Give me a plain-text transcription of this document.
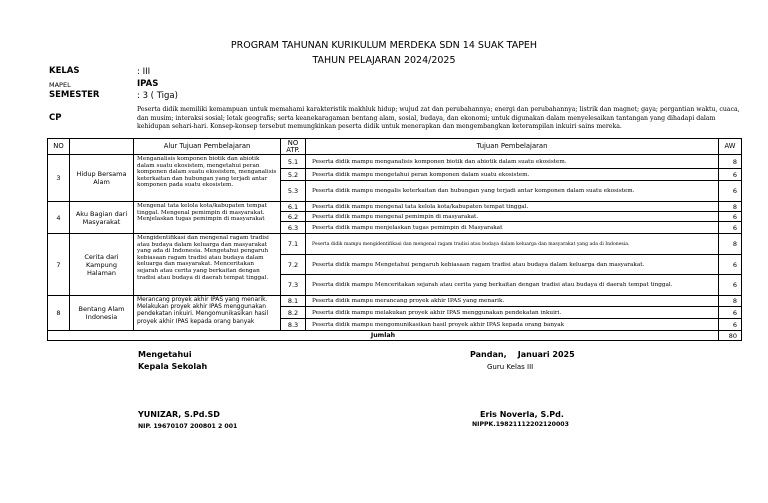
PROGRAM TAHUNAN KURIKULUM MERDEKA SDN 14 SUAK TAPEH
TAHUN PELAJARAN 2024/2025
KELAS	: III
MAPEL	IPAS
SEMESTER	: 3 ( Tiga)
CP
Peserta didik memiliki kemampuan untuk memahami karakteristik makhluk hidup; wujud zat dan perubahannya; energi dan perubahannya; listrik dan magnet; gaya; pergantian waktu, cuaca, dan musim; interaksi sosial; letak geografis; serta keanekaragaman bentang alam, sosial, budaya, dan ekonomi; untuk digunakan dalam menyelesaikan tantangan yang dihadapi dalam kehidupan sehari-hari. Konsep-konsep tersebut memungkinkan peserta didik untuk menerapkan dan mengembangkan keterampilan inkuiri sains mereka.
NO		Alur Tujuan Pembelajaran	NO ATP.	Tujuan Pembelajaran	AW
3	Hidup Bersama Alam	Menganalisis komponen biotik dan abiotik dalam suatu ekosistem, mengetahui peran komponen dalam suatu ekosistem, menganalisis keterkaitan dan hubungan yang terjadi antar komponen pada suatu ekosistem.	5.1	Peserta didik mampu menganalisis komponen biotik dan abiotik dalam suatu ekosistem.	8
			5.2	Peserta didik mampu mengetahui peran komponen dalam suatu ekosistem.	6
			5.3	Peserta didik mampu mengalis keterkaitan dan hubungan yang terjadi antar komponen dalam suatu ekosistem.	6
4	Aku Bagian dari Masyarakat	Mengenal tata kelola kota/kabupaten tempat tinggal. Mengenal pemimpin di masyarakat. Menjelaskan tugas pemimpin di masyarakat	6.1	Peserta didik mampu mengenal tata kelola kota/kabupaten tempat tinggal.	8
			6.2	Peserta didik mampu mengenal pemimpin di masyarakat.	6
			6.3	Peserta didik mampu menjelaskan tugas pemimpin di Masyarakat	6
7	Cerita dari Kampung Halaman	Mengidentifikasi dan mengenal ragam tradisi atau budaya dalam keluarga dan masyarakat yang ada di Indonesia. Mengetahui pengaruh kebiasaan ragam tradisi atau budaya dalam keluarga dan masyarakat. Menceritakan sejarah atau cerita yang berkaitan dengan tradisi atau budaya di daerah tempat tinggal.	7.1	Peserta didik mampu mengidentifikasi dan mengenal ragam tradisi atau budaya dalam keluarga dan masyarakat yang ada di Indonesia.	8
			7.2	Peserta didik mampu Mengetahui pengaruh kebiasaan ragam tradisi atau budaya dalam keluarga dan masyarakat.	6
			7.3	Peserta didik mampu Menceritakan sejarah atau cerita yang berkaitan dengan tradisi atau budaya di daerah tempat tinggal.	6
8	Bentang Alam Indonesia	Merancang proyek akhir IPAS yang menarik. Melakukan proyek akhir IPAS menggunakan pendekatan inkuiri. Mengomunikasikan hasil proyek akhir IPAS kepada orang banyak	8.1	Peserta didik mampu merancang proyek akhir IPAS yang menarik.	8
			8.2	Peserta didik mampu melakukan proyek akhir IPAS menggunakan pendekatan inkuiri.	6
			8.3	Peserta didik mampu mengomunikasikan hasil proyek akhir IPAS kepada orang banyak	6
Jumlah					80
Mengetahui
Kepala Sekolah
YUNIZAR, S.Pd.SD
NIP. 19670107 200801 2 001
Pandan,    Januari 2025
Guru Kelas III
Eris Noverla, S.Pd.
NIPPK.19821112202120003
